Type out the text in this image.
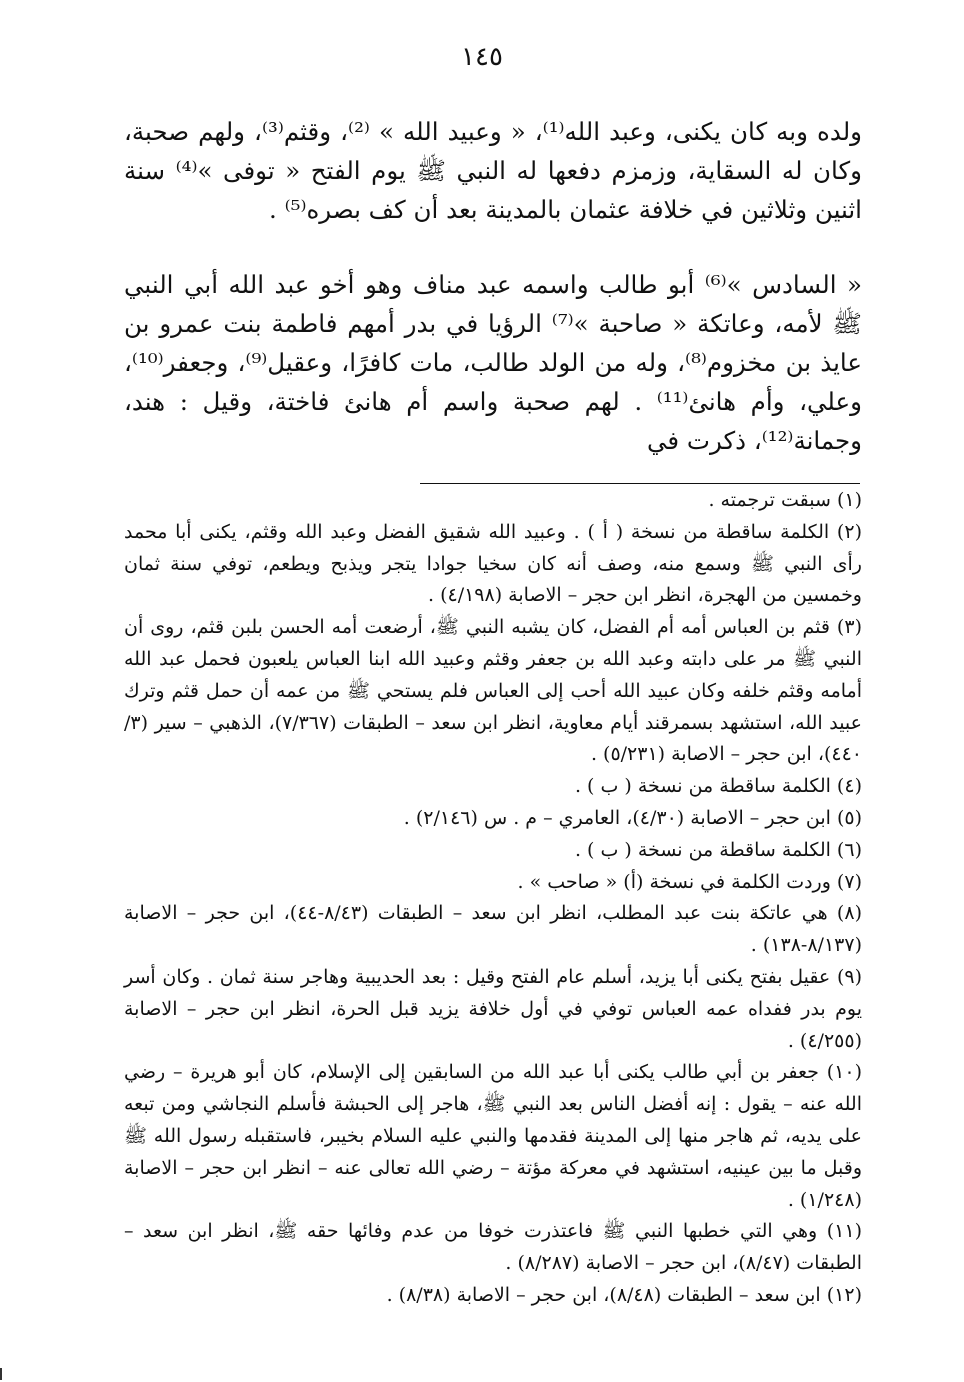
١٤٥

ولده وبه كان يكنى، وعبد الله⁽¹⁾، « وعبيد الله » ⁽²⁾، وقثم⁽³⁾، ولهم صحبة، وكان له السقاية، وزمزم دفعها له النبي ﷺ يوم الفتح « توفى »⁽⁴⁾ سنة اثنين وثلاثين في خلافة عثمان بالمدينة بعد أن كف بصره⁽⁵⁾ .

« السادس »⁽⁶⁾ أبو طالب واسمه عبد مناف وهو أخو عبد الله أبي النبي ﷺ لأمه، وعاتكة « صاحبة »⁽⁷⁾ الرؤيا في بدر أمهم فاطمة بنت عمرو بن عايذ بن مخزوم⁽⁸⁾، وله من الولد طالب، مات كافرًا، وعقيل⁽⁹⁾، وجعفر⁽¹⁰⁾، وعلي، وأم هانئ⁽¹¹⁾ . لهم صحبة واسم أم هانئ فاختة، وقيل : هند، وجمانة⁽¹²⁾، ذكرت في

(١) سبقت ترجمته .

(٢) الكلمة ساقطة من نسخة ( أ ) . وعبيد الله شقيق الفضل وعبد الله وقثم، يكنى أبا محمد رأى النبي ﷺ وسمع منه، وصف أنه كان سخيا جوادا يتجر ويذبح ويطعم، توفي سنة ثمان وخمسين من الهجرة، انظر ابن حجر – الاصابة (٤/١٩٨) .

(٣) قثم بن العباس أمه أم الفضل، كان يشبه النبي ﷺ، أرضعت أمه الحسن بلبن قثم، روى أن النبي ﷺ مر على دابته وعبد الله بن جعفر وقثم وعبيد الله ابنا العباس يلعبون فحمل عبد الله أمامه وقثم خلفه وكان عبيد الله أحب إلى العباس فلم يستحي ﷺ من عمه أن حمل قثم وترك عبيد الله، استشهد بسمرقند أيام معاوية، انظر ابن سعد – الطبقات (٧/٣٦٧)، الذهبي – سير (٣/ ٤٤٠)، ابن حجر – الاصابة (٥/٢٣١) .

(٤) الكلمة ساقطة من نسخة ( ب ) .

(٥) ابن حجر – الاصابة (٤/٣٠)، العامري – م . س (٢/١٤٦) .

(٦) الكلمة ساقطة من نسخة ( ب ) .

(٧) وردت الكلمة في نسخة (أ) « صاحب » .

(٨) هي عاتكة بنت عبد المطلب، انظر ابن سعد – الطبقات (٨/٤٣-٤٤)، ابن حجر – الاصابة (٨/١٣٧-١٣٨) .

(٩) عقيل بفتح يكنى أبا يزيد، أسلم عام الفتح وقيل : بعد الحديبية وهاجر سنة ثمان . وكان أسر يوم بدر ففداه عمه العباس توفي في أول خلافة يزيد قبل الحرة، انظر ابن حجر – الاصابة (٤/٢٥٥) .

(١٠) جعفر بن أبي طالب يكنى أبا عبد الله من السابقين إلى الإسلام، كان أبو هريرة – رضي الله عنه – يقول : إنه أفضل الناس بعد النبي ﷺ، هاجر إلى الحبشة فأسلم النجاشي ومن تبعه على يديه، ثم هاجر منها إلى المدينة فقدمها والنبي عليه السلام بخيبر، فاستقبله رسول الله ﷺ وقبل ما بين عينيه، استشهد في معركة مؤتة – رضي الله تعالى عنه – انظر ابن حجر – الاصابة (١/٢٤٨) .

(١١) وهي التي خطبها النبي ﷺ فاعتذرت خوفا من عدم وفائها حقه ﷺ، انظر ابن سعد – الطبقات (٨/٤٧)، ابن حجر – الاصابة (٨/٢٨٧) .

(١٢) ابن سعد – الطبقات (٨/٤٨)، ابن حجر – الاصابة (٨/٣٨) .
